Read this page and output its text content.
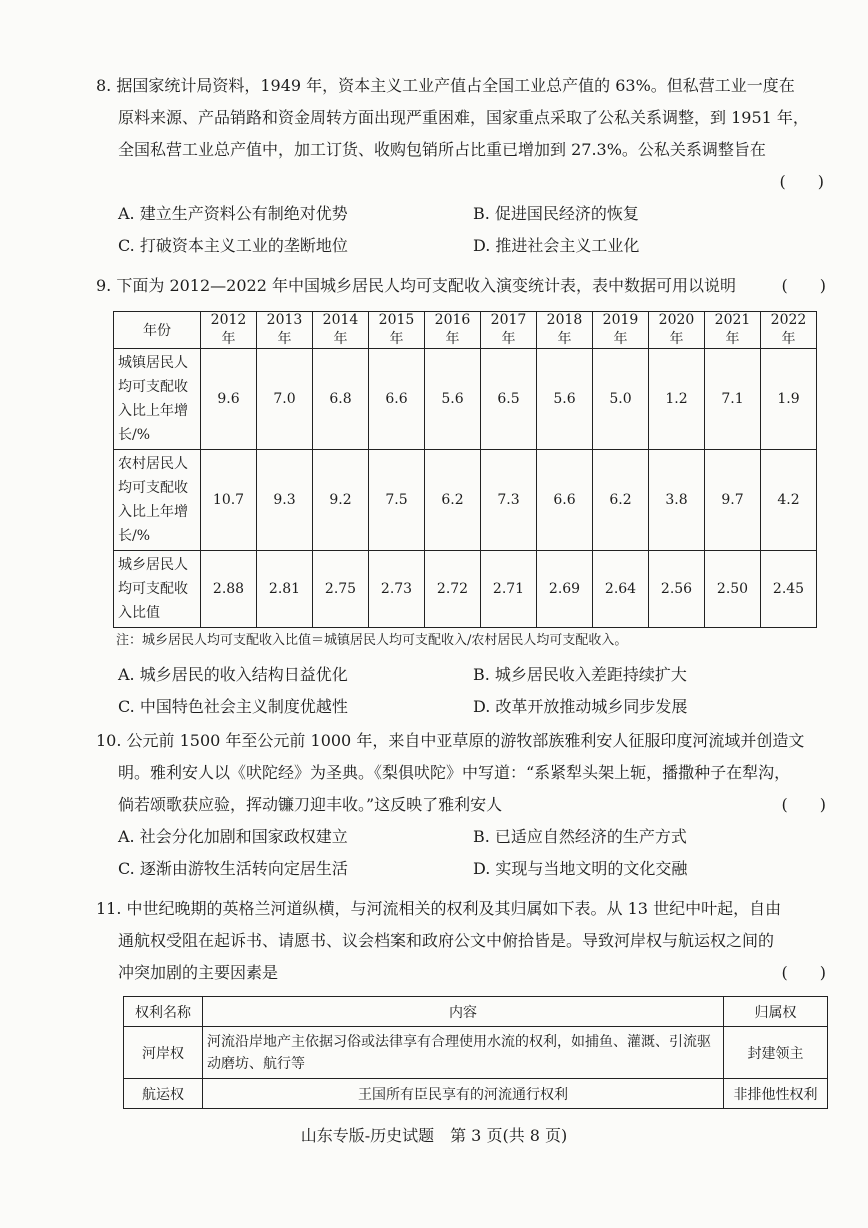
8. 据国家统计局资料，1949 年，资本主义工业产值占全国工业总产值的 63%。但私营工业一度在
原料来源、产品销路和资金周转方面出现严重困难，国家重点采取了公私关系调整，到 1951 年，
全国私营工业总产值中，加工订货、收购包销所占比重已增加到 27.3%。公私关系调整旨在
(　　)
A. 建立生产资料公有制绝对优势	B. 促进国民经济的恢复
C. 打破资本主义工业的垄断地位	D. 推进社会主义工业化
9. 下面为 2012—2022 年中国城乡居民人均可支配收入演变统计表，表中数据可用以说明	(　　)
年份	2012 年	2013 年	2014 年	2015 年	2016 年	2017 年	2018 年	2019 年	2020 年	2021 年	2022 年
城镇居民人均可支配收入比上年增长/%	9.6	7.0	6.8	6.6	5.6	6.5	5.6	5.0	1.2	7.1	1.9
农村居民人均可支配收入比上年增长/%	10.7	9.3	9.2	7.5	6.2	7.3	6.6	6.2	3.8	9.7	4.2
城乡居民人均可支配收入比值	2.88	2.81	2.75	2.73	2.72	2.71	2.69	2.64	2.56	2.50	2.45
注：城乡居民人均可支配收入比值＝城镇居民人均可支配收入/农村居民人均可支配收入。
A. 城乡居民的收入结构日益优化	B. 城乡居民收入差距持续扩大
C. 中国特色社会主义制度优越性	D. 改革开放推动城乡同步发展
10. 公元前 1500 年至公元前 1000 年，来自中亚草原的游牧部族雅利安人征服印度河流域并创造文
明。雅利安人以《吠陀经》为圣典。《梨俱吠陀》中写道：“系紧犁头架上轭，播撒种子在犁沟，
倘若颂歌获应验，挥动镰刀迎丰收。”这反映了雅利安人	(　　)
A. 社会分化加剧和国家政权建立	B. 已适应自然经济的生产方式
C. 逐渐由游牧生活转向定居生活	D. 实现与当地文明的文化交融
11. 中世纪晚期的英格兰河道纵横，与河流相关的权利及其归属如下表。从 13 世纪中叶起，自由
通航权受阻在起诉书、请愿书、议会档案和政府公文中俯拾皆是。导致河岸权与航运权之间的
冲突加剧的主要因素是	(　　)
权利名称	内容	归属权
河岸权	河流沿岸地产主依据习俗或法律享有合理使用水流的权利，如捕鱼、灌溉、引流驱动磨坊、航行等	封建领主
航运权	王国所有臣民享有的河流通行权利	非排他性权利
山东专版-历史试题　第 3 页(共 8 页)
